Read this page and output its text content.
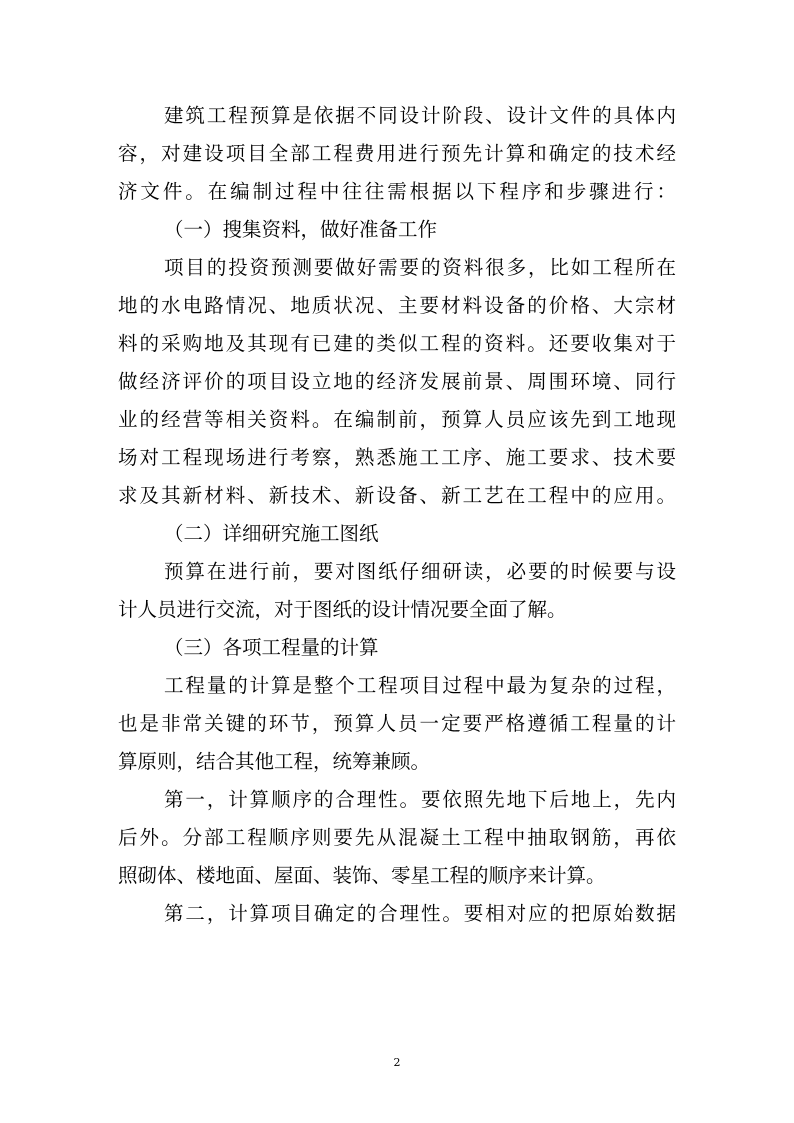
建筑工程预算是依据不同设计阶段、设计文件的具体内
容，对建设项目全部工程费用进行预先计算和确定的技术经
济文件。在编制过程中往往需根据以下程序和步骤进行：
（一）搜集资料，做好准备工作
项目的投资预测要做好需要的资料很多，比如工程所在
地的水电路情况、地质状况、主要材料设备的价格、大宗材
料的采购地及其现有已建的类似工程的资料。还要收集对于
做经济评价的项目设立地的经济发展前景、周围环境、同行
业的经营等相关资料。在编制前，预算人员应该先到工地现
场对工程现场进行考察，熟悉施工工序、施工要求、技术要
求及其新材料、新技术、新设备、新工艺在工程中的应用。
（二）详细研究施工图纸
预算在进行前，要对图纸仔细研读，必要的时候要与设
计人员进行交流，对于图纸的设计情况要全面了解。
（三）各项工程量的计算
工程量的计算是整个工程项目过程中最为复杂的过程，
也是非常关键的环节，预算人员一定要严格遵循工程量的计
算原则，结合其他工程，统筹兼顾。
第一，计算顺序的合理性。要依照先地下后地上，先内
后外。分部工程顺序则要先从混凝土工程中抽取钢筋，再依
照砌体、楼地面、屋面、装饰、零星工程的顺序来计算。
第二，计算项目确定的合理性。要相对应的把原始数据
2
